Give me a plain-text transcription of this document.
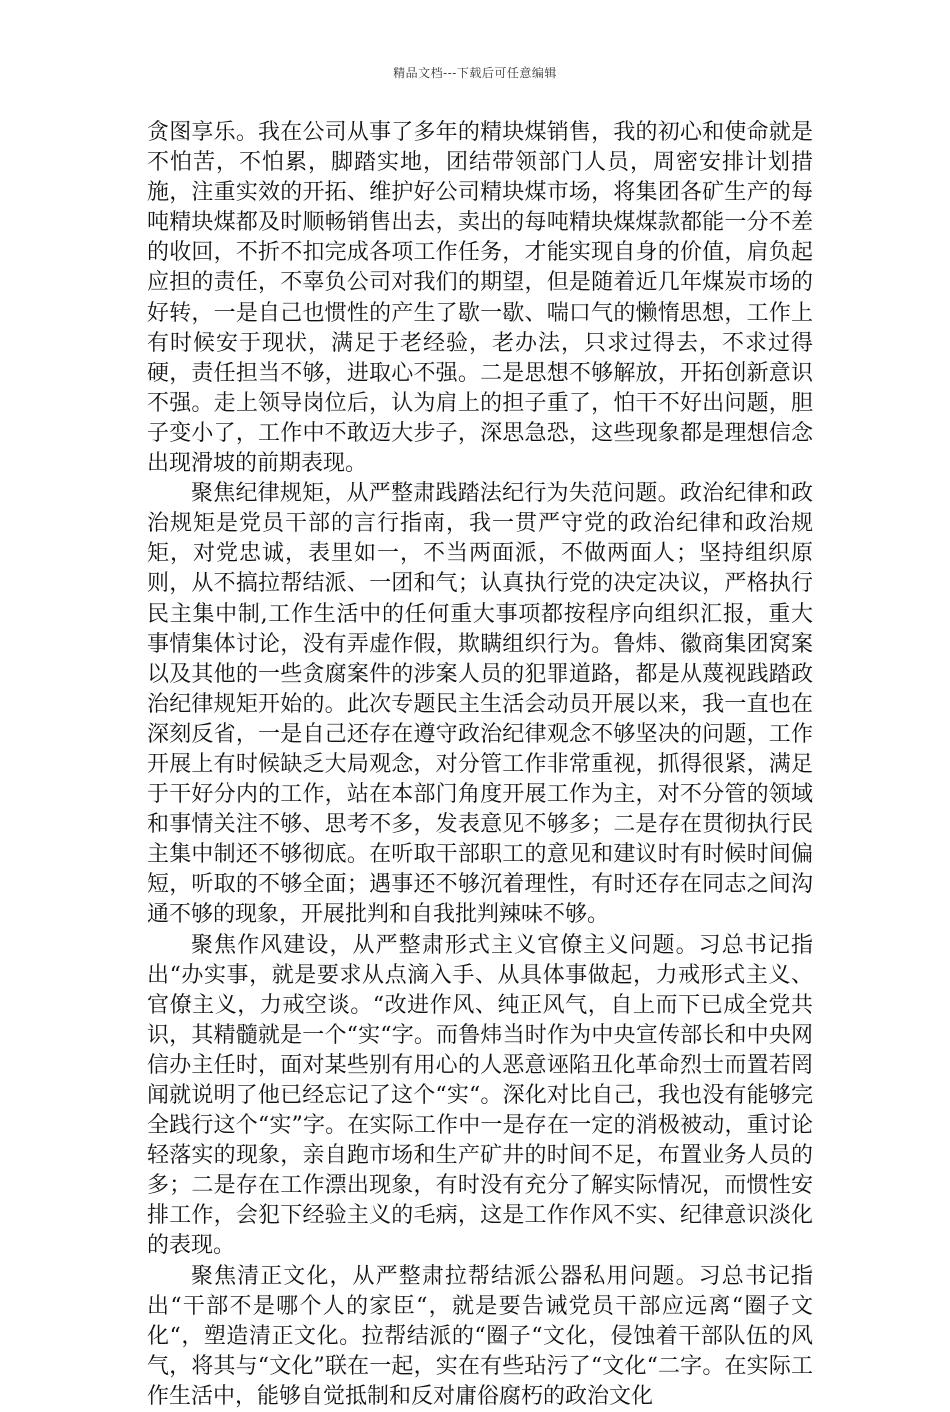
精品文档---下载后可任意编辑

贪图享乐。我在公司从事了多年的精块煤销售，我的初心和使命就是不怕苦，不怕累，脚踏实地，团结带领部门人员，周密安排计划措施，注重实效的开拓、维护好公司精块煤市场，将集团各矿生产的每吨精块煤都及时顺畅销售出去，卖出的每吨精块煤煤款都能一分不差的收回，不折不扣完成各项工作任务，才能实现自身的价值，肩负起应担的责任，不辜负公司对我们的期望，但是随着近几年煤炭市场的好转，一是自己也惯性的产生了歇一歇、喘口气的懒惰思想，工作上有时候安于现状，满足于老经验，老办法，只求过得去，不求过得硬，责任担当不够，进取心不强。二是思想不够解放，开拓创新意识不强。走上领导岗位后，认为肩上的担子重了，怕干不好出问题，胆子变小了，工作中不敢迈大步子，深思急恐，这些现象都是理想信念出现滑坡的前期表现。

聚焦纪律规矩，从严整肃践踏法纪行为失范问题。政治纪律和政治规矩是党员干部的言行指南，我一贯严守党的政治纪律和政治规矩，对党忠诚，表里如一，不当两面派，不做两面人；坚持组织原则，从不搞拉帮结派、一团和气；认真执行党的决定决议，严格执行民主集中制,工作生活中的任何重大事项都按程序向组织汇报，重大事情集体讨论，没有弄虚作假，欺瞒组织行为。鲁炜、徽商集团窝案以及其他的一些贪腐案件的涉案人员的犯罪道路，都是从蔑视践踏政治纪律规矩开始的。此次专题民主生活会动员开展以来，我一直也在深刻反省，一是自己还存在遵守政治纪律观念不够坚决的问题，工作开展上有时候缺乏大局观念，对分管工作非常重视，抓得很紧，满足于干好分内的工作，站在本部门角度开展工作为主，对不分管的领域和事情关注不够、思考不多，发表意见不够多；二是存在贯彻执行民主集中制还不够彻底。在听取干部职工的意见和建议时有时候时间偏短，听取的不够全面；遇事还不够沉着理性，有时还存在同志之间沟通不够的现象，开展批判和自我批判辣味不够。

聚焦作风建设，从严整肃形式主义官僚主义问题。习总书记指出“办实事，就是要求从点滴入手、从具体事做起，力戒形式主义、官僚主义，力戒空谈。“改进作风、纯正风气，自上而下已成全党共识，其精髓就是一个“实“字。而鲁炜当时作为中央宣传部长和中央网信办主任时，面对某些别有用心的人恶意诬陷丑化革命烈士而置若罔闻就说明了他已经忘记了这个“实“。深化对比自己，我也没有能够完全践行这个“实”字。在实际工作中一是存在一定的消极被动，重讨论轻落实的现象，亲自跑市场和生产矿井的时间不足，布置业务人员的多；二是存在工作漂出现象，有时没有充分了解实际情况，而惯性安排工作，会犯下经验主义的毛病，这是工作作风不实、纪律意识淡化的表现。

聚焦清正文化，从严整肃拉帮结派公器私用问题。习总书记指出“干部不是哪个人的家臣“，就是要告诫党员干部应远离“圈子文化“，塑造清正文化。拉帮结派的“圈子“文化，侵蚀着干部队伍的风气，将其与“文化”联在一起，实在有些玷污了“文化“二字。在实际工作生活中，能够自觉抵制和反对庸俗腐朽的政治文化
